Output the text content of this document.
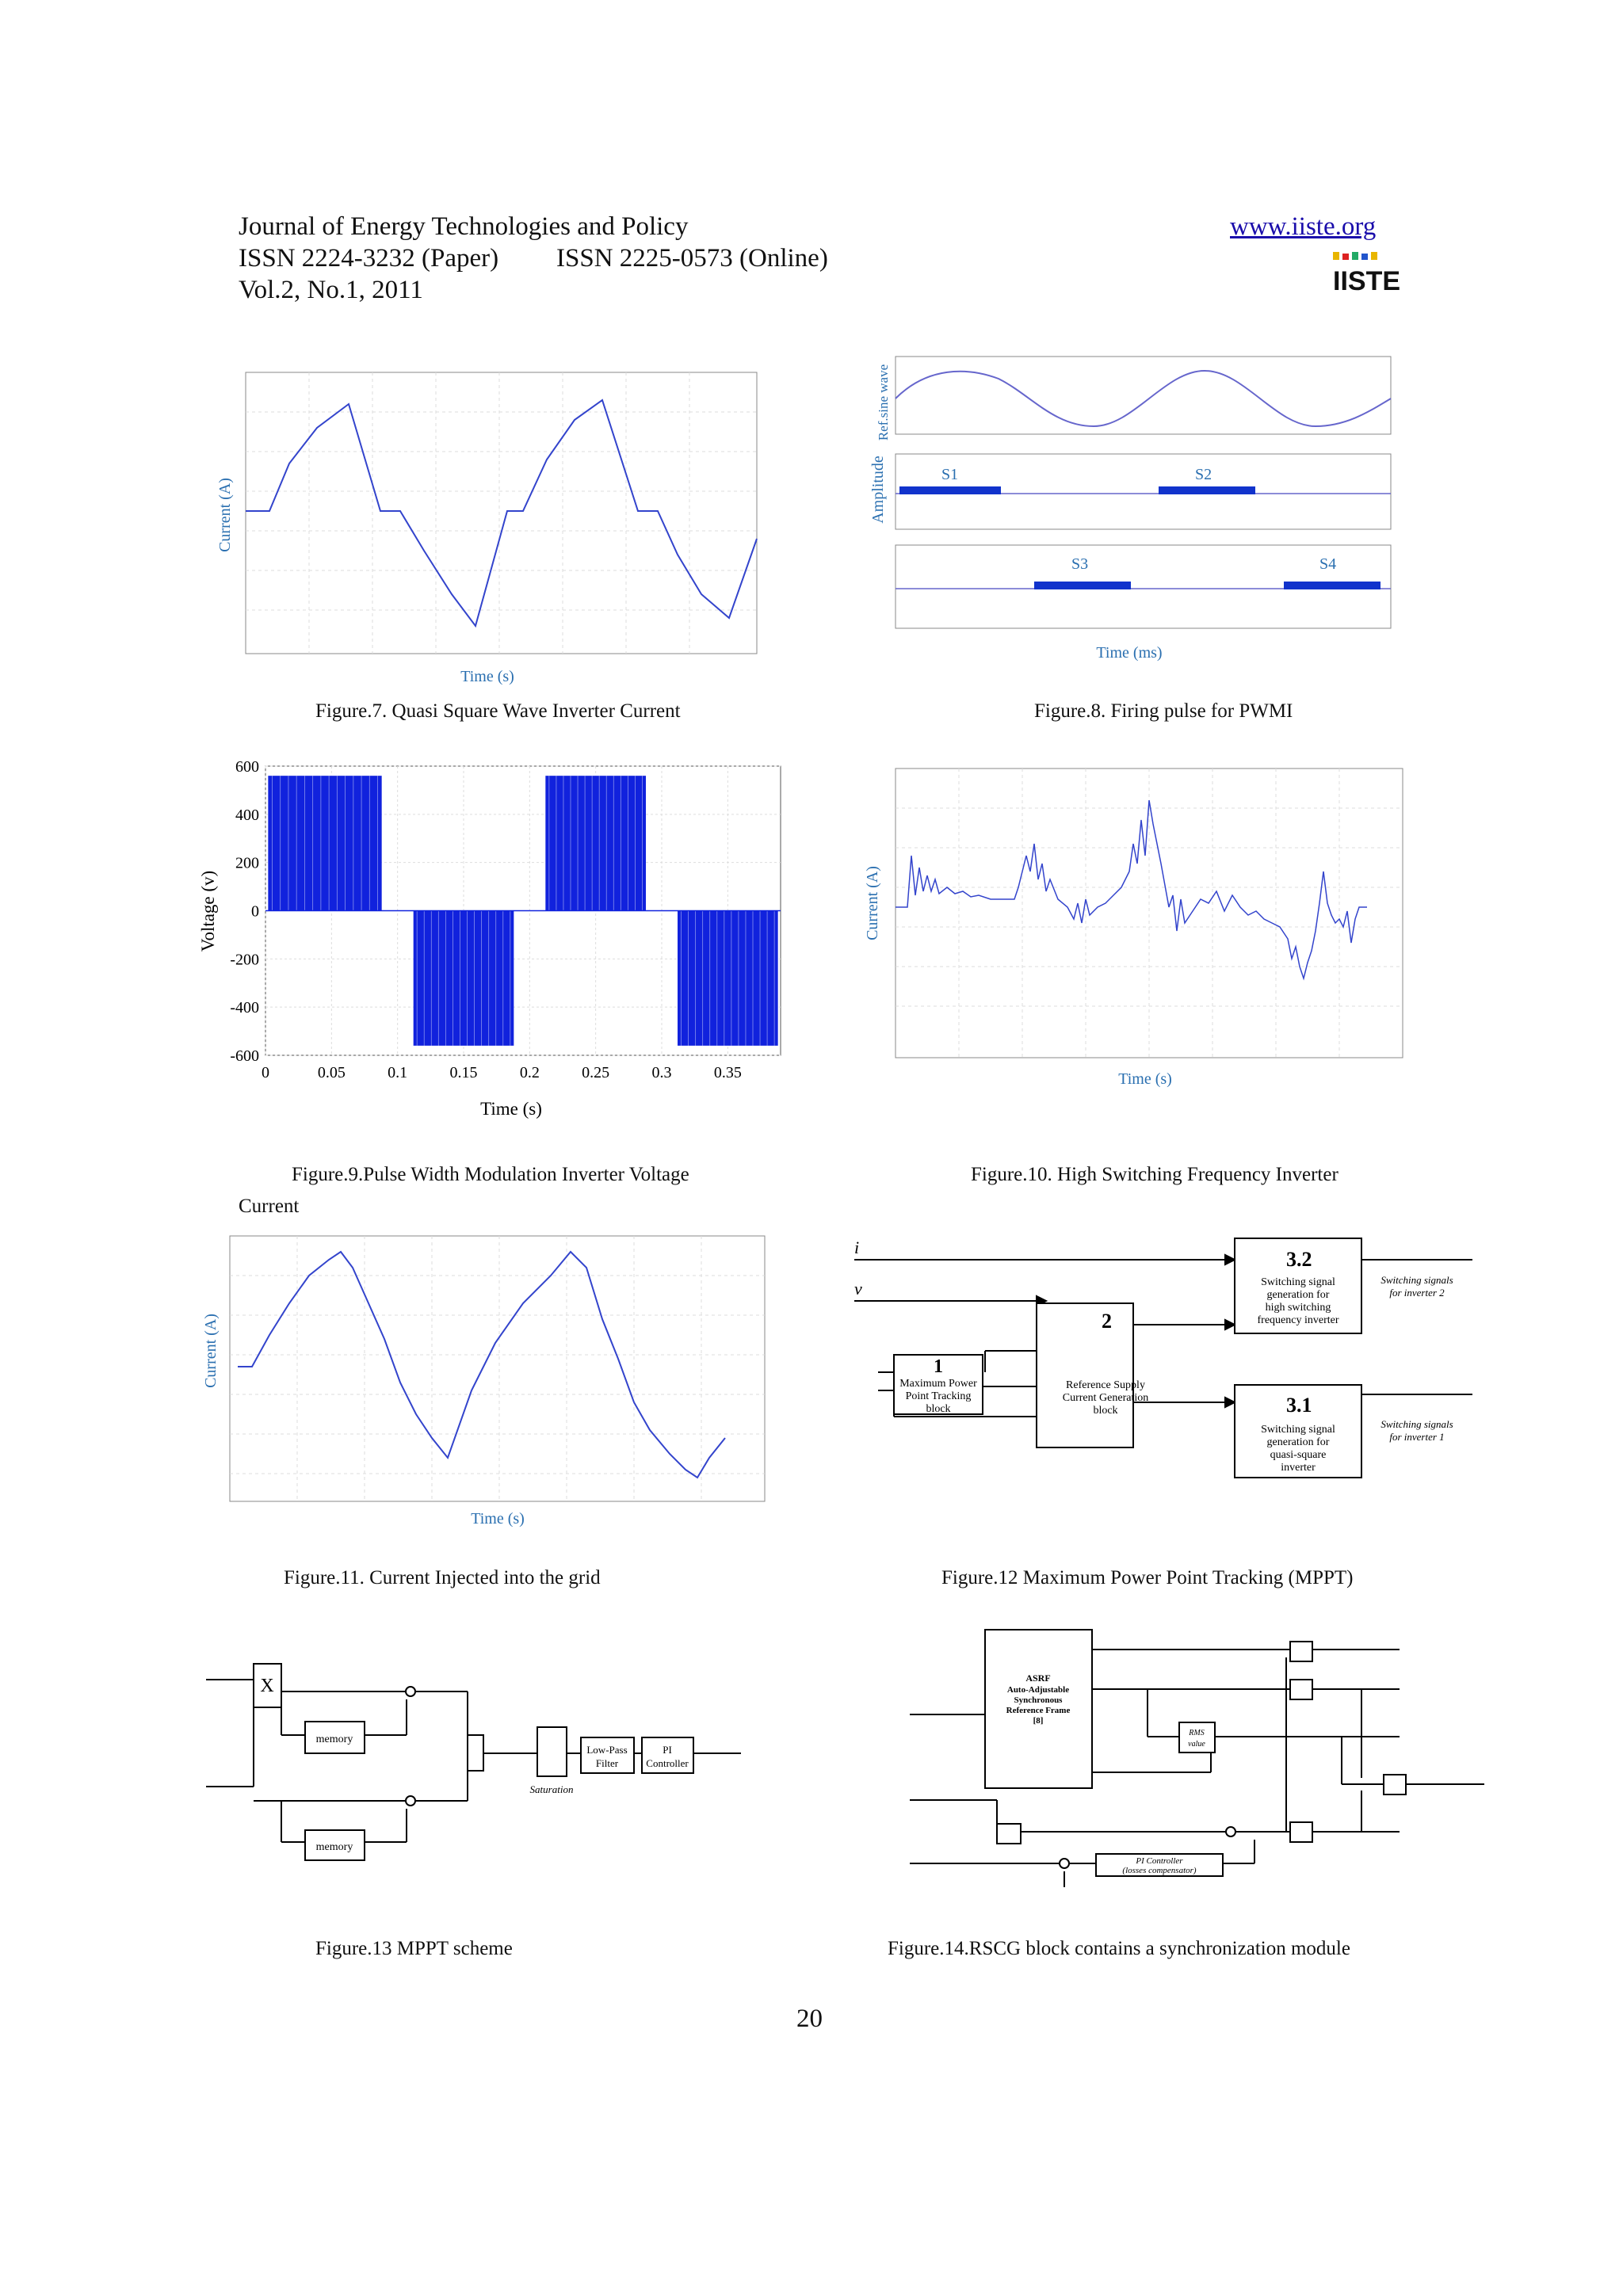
Journal of Energy Technologies and Policy
ISSN 2224-3232 (Paper) ISSN 2225-0573 (Online)
Vol.2, No.1, 2011
www.iiste.org
IISTE
Current (A)
Time (s)
Figure.7. Quasi Square Wave Inverter Current
Ref.sine wave
Amplitude	S1	S2
S3	S4
Time (ms)
Figure.8. Firing pulse for PWMI
600
400
200
0
-200
-400
-600
0	0.05	0.1	0.15	0.2	0.25	0.3	0.35
Voltage (v)
Time (s)
Figure.9.Pulse Width Modulation Inverter Voltage
Current
Current (A)
Time (s)
Figure.10. High Switching Frequency Inverter
Current (A)
Time (s)
Figure.11. Current Injected into the grid
i
v
1
Maximum Power
Point Tracking
block
2
Reference Supply
Current Generation
block
3.2
Switching signal
generation for
high switching
frequency inverter
3.1
Switching signal
generation for
quasi-square
inverter
Switching signals
for inverter 2
Switching signals
for inverter 1
Figure.12 Maximum Power Point Tracking (MPPT)
X
memory
memory
Low-Pass
Filter
PI
Controller
Saturation
Figure.13 MPPT scheme
ASRF
Auto-Adjustable
Synchronous
Reference Frame
[8]
RMS
value
PI Controller
(losses compensator)
Figure.14.RSCG block contains a synchronization module
20
